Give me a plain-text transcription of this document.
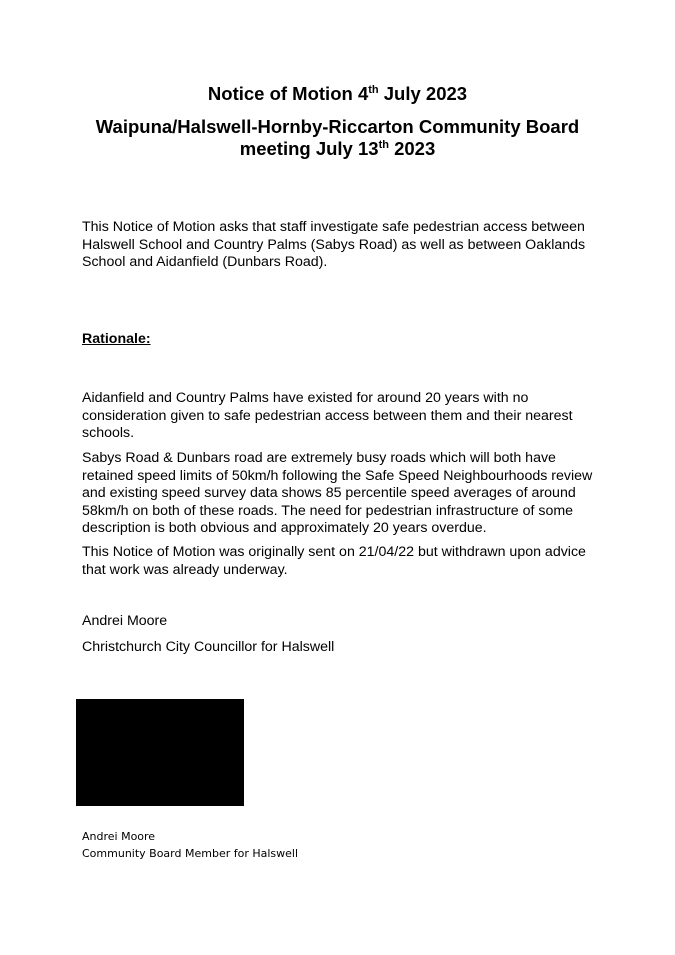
Notice of Motion 4th July 2023
Waipuna/Halswell-Hornby-Riccarton Community Board
meeting July 13th 2023

This Notice of Motion asks that staff investigate safe pedestrian access between Halswell School and Country Palms (Sabys Road) as well as between Oaklands School and Aidanfield (Dunbars Road).

Rationale:

Aidanfield and Country Palms have existed for around 20 years with no consideration given to safe pedestrian access between them and their nearest schools.

Sabys Road & Dunbars road are extremely busy roads which will both have retained speed limits of 50km/h following the Safe Speed Neighbourhoods review and existing speed survey data shows 85 percentile speed averages of around 58km/h on both of these roads. The need for pedestrian infrastructure of some description is both obvious and approximately 20 years overdue.

This Notice of Motion was originally sent on 21/04/22 but withdrawn upon advice that work was already underway.

Andrei Moore

Christchurch City Councillor for Halswell

Andrei Moore

Community Board Member for Halswell
